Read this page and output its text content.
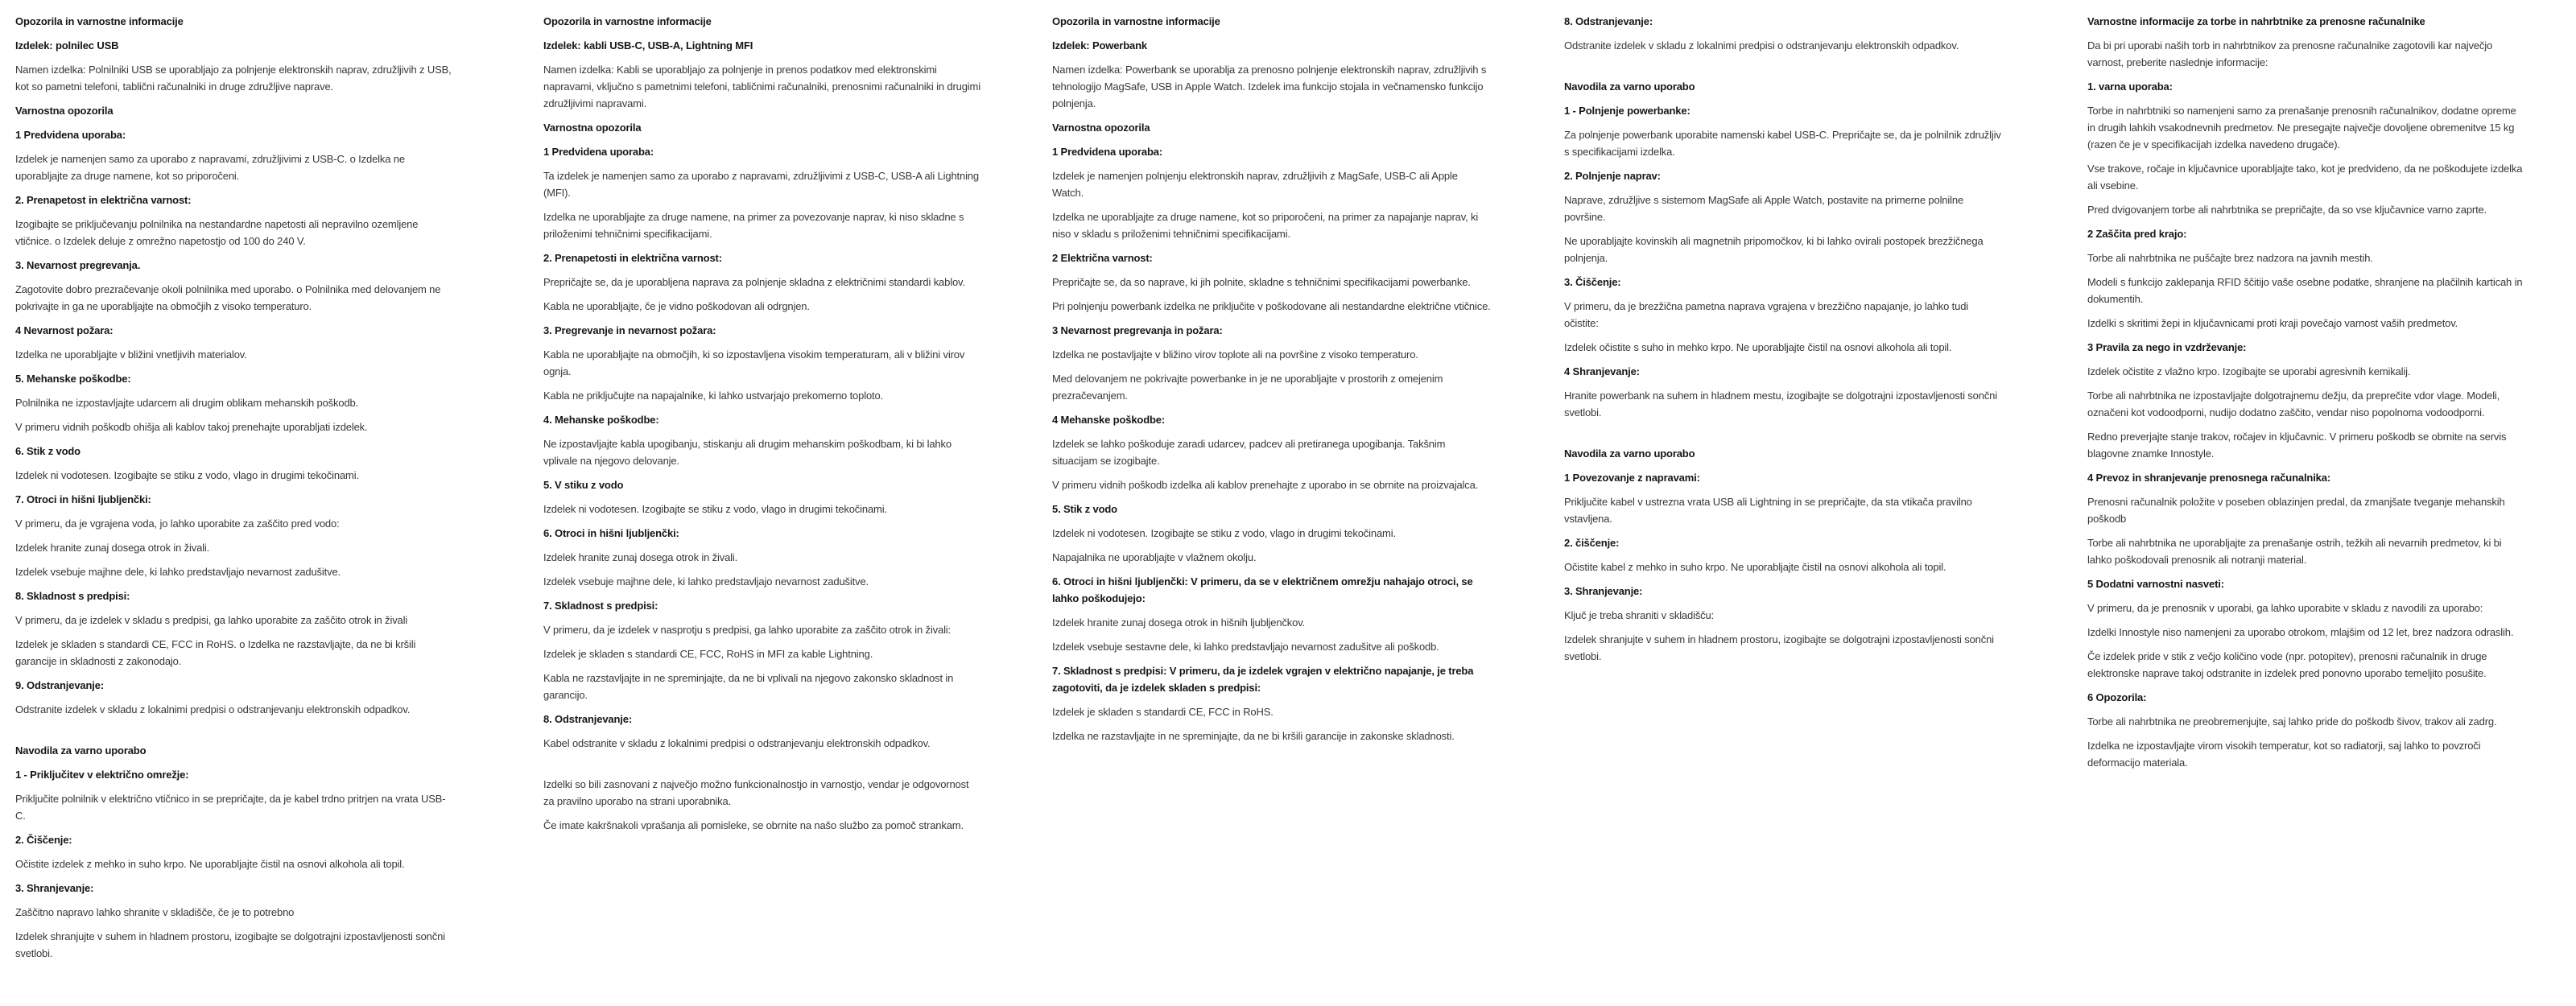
Opozorila in varnostne informacije

Izdelek: polnilec USB

Namen izdelka: Polnilniki USB se uporabljajo za polnjenje elektronskih naprav, združljivih z USB, kot so pametni telefoni, tablični računalniki in druge združljive naprave.

Varnostna opozorila

1 Predvidena uporaba:

Izdelek je namenjen samo za uporabo z napravami, združljivimi z USB-C. o Izdelka ne uporabljajte za druge namene, kot so priporočeni.

2. Prenapetost in električna varnost:

Izogibajte se priključevanju polnilnika na nestandardne napetosti ali nepravilno ozemljene vtičnice. o Izdelek deluje z omrežno napetostjo od 100 do 240 V.

3. Nevarnost pregrevanja.

Zagotovite dobro prezračevanje okoli polnilnika med uporabo. o Polnilnika med delovanjem ne pokrivajte in ga ne uporabljajte na območjih z visoko temperaturo.

4 Nevarnost požara:

Izdelka ne uporabljajte v bližini vnetljivih materialov.

5. Mehanske poškodbe:

Polnilnika ne izpostavljajte udarcem ali drugim oblikam mehanskih poškodb.

V primeru vidnih poškodb ohišja ali kablov takoj prenehajte uporabljati izdelek.

6. Stik z vodo

Izdelek ni vodotesen. Izogibajte se stiku z vodo, vlago in drugimi tekočinami.

7. Otroci in hišni ljubljenčki:

V primeru, da je vgrajena voda, jo lahko uporabite za zaščito pred vodo:

Izdelek hranite zunaj dosega otrok in živali.

Izdelek vsebuje majhne dele, ki lahko predstavljajo nevarnost zadušitve.

8. Skladnost s predpisi:

V primeru, da je izdelek v skladu s predpisi, ga lahko uporabite za zaščito otrok in živali

Izdelek je skladen s standardi CE, FCC in RoHS. o Izdelka ne razstavljajte, da ne bi kršili garancije in skladnosti z zakonodajo.

9. Odstranjevanje:

Odstranite izdelek v skladu z lokalnimi predpisi o odstranjevanju elektronskih odpadkov.

Navodila za varno uporabo

1 - Priključitev v električno omrežje:

Priključite polnilnik v električno vtičnico in se prepričajte, da je kabel trdno pritrjen na vrata USB-C.

2. Čiščenje:

Očistite izdelek z mehko in suho krpo. Ne uporabljajte čistil na osnovi alkohola ali topil.

3. Shranjevanje:

Zaščitno napravo lahko shranite v skladišče, če je to potrebno

Izdelek shranjujte v suhem in hladnem prostoru, izogibajte se dolgotrajni izpostavljenosti sončni svetlobi.

Opozorila in varnostne informacije

Izdelek: kabli USB-C, USB-A, Lightning MFI

Namen izdelka: Kabli se uporabljajo za polnjenje in prenos podatkov med elektronskimi napravami, vključno s pametnimi telefoni, tabličnimi računalniki, prenosnimi računalniki in drugimi združljivimi napravami.

Varnostna opozorila

1 Predvidena uporaba:

Ta izdelek je namenjen samo za uporabo z napravami, združljivimi z USB-C, USB-A ali Lightning (MFI).

Izdelka ne uporabljajte za druge namene, na primer za povezovanje naprav, ki niso skladne s priloženimi tehničnimi specifikacijami.

2. Prenapetosti in električna varnost:

Prepričajte se, da je uporabljena naprava za polnjenje skladna z električnimi standardi kablov.

Kabla ne uporabljajte, če je vidno poškodovan ali odrgnjen.

3. Pregrevanje in nevarnost požara:

Kabla ne uporabljajte na območjih, ki so izpostavljena visokim temperaturam, ali v bližini virov ognja.

Kabla ne priključujte na napajalnike, ki lahko ustvarjajo prekomerno toploto.

4. Mehanske poškodbe:

Ne izpostavljajte kabla upogibanju, stiskanju ali drugim mehanskim poškodbam, ki bi lahko vplivale na njegovo delovanje.

5. V stiku z vodo

Izdelek ni vodotesen. Izogibajte se stiku z vodo, vlago in drugimi tekočinami.

6. Otroci in hišni ljubljenčki:

Izdelek hranite zunaj dosega otrok in živali.

Izdelek vsebuje majhne dele, ki lahko predstavljajo nevarnost zadušitve.

7. Skladnost s predpisi:

V primeru, da je izdelek v nasprotju s predpisi, ga lahko uporabite za zaščito otrok in živali:

Izdelek je skladen s standardi CE, FCC, RoHS in MFI za kable Lightning.

Kabla ne razstavljajte in ne spreminjajte, da ne bi vplivali na njegovo zakonsko skladnost in garancijo.

8. Odstranjevanje:

Kabel odstranite v skladu z lokalnimi predpisi o odstranjevanju elektronskih odpadkov.

Izdelki so bili zasnovani z največjo možno funkcionalnostjo in varnostjo, vendar je odgovornost za pravilno uporabo na strani uporabnika.

Če imate kakršnakoli vprašanja ali pomisleke, se obrnite na našo službo za pomoč strankam.

Opozorila in varnostne informacije

Izdelek: Powerbank

Namen izdelka: Powerbank se uporablja za prenosno polnjenje elektronskih naprav, združljivih s tehnologijo MagSafe, USB in Apple Watch. Izdelek ima funkcijo stojala in večnamensko funkcijo polnjenja.

Varnostna opozorila

1 Predvidena uporaba:

Izdelek je namenjen polnjenju elektronskih naprav, združljivih z MagSafe, USB-C ali Apple Watch.

Izdelka ne uporabljajte za druge namene, kot so priporočeni, na primer za napajanje naprav, ki niso v skladu s priloženimi tehničnimi specifikacijami.

2 Električna varnost:

Prepričajte se, da so naprave, ki jih polnite, skladne s tehničnimi specifikacijami powerbanke.

Pri polnjenju powerbank izdelka ne priključite v poškodovane ali nestandardne električne vtičnice.

3 Nevarnost pregrevanja in požara:

Izdelka ne postavljajte v bližino virov toplote ali na površine z visoko temperaturo.

Med delovanjem ne pokrivajte powerbanke in je ne uporabljajte v prostorih z omejenim prezračevanjem.

4 Mehanske poškodbe:

Izdelek se lahko poškoduje zaradi udarcev, padcev ali pretiranega upogibanja. Takšnim situacijam se izogibajte.

V primeru vidnih poškodb izdelka ali kablov prenehajte z uporabo in se obrnite na proizvajalca.

5. Stik z vodo

Izdelek ni vodotesen. Izogibajte se stiku z vodo, vlago in drugimi tekočinami.

Napajalnika ne uporabljajte v vlažnem okolju.

6. Otroci in hišni ljubljenčki: V primeru, da se v električnem omrežju nahajajo otroci, se lahko poškodujejo:

Izdelek hranite zunaj dosega otrok in hišnih ljubljenčkov.

Izdelek vsebuje sestavne dele, ki lahko predstavljajo nevarnost zadušitve ali poškodb.

7. Skladnost s predpisi: V primeru, da je izdelek vgrajen v električno napajanje, je treba zagotoviti, da je izdelek skladen s predpisi:

Izdelek je skladen s standardi CE, FCC in RoHS.

Izdelka ne razstavljajte in ne spreminjajte, da ne bi kršili garancije in zakonske skladnosti.

8. Odstranjevanje:

Odstranite izdelek v skladu z lokalnimi predpisi o odstranjevanju elektronskih odpadkov.

Navodila za varno uporabo

1 - Polnjenje powerbanke:

Za polnjenje powerbank uporabite namenski kabel USB-C. Prepričajte se, da je polnilnik združljiv s specifikacijami izdelka.

2. Polnjenje naprav:

Naprave, združljive s sistemom MagSafe ali Apple Watch, postavite na primerne polnilne površine.

Ne uporabljajte kovinskih ali magnetnih pripomočkov, ki bi lahko ovirali postopek brezžičnega polnjenja.

3. Čiščenje:

V primeru, da je brezžična pametna naprava vgrajena v brezžično napajanje, jo lahko tudi očistite:

Izdelek očistite s suho in mehko krpo. Ne uporabljajte čistil na osnovi alkohola ali topil.

4 Shranjevanje:

Hranite powerbank na suhem in hladnem mestu, izogibajte se dolgotrajni izpostavljenosti sončni svetlobi.

Navodila za varno uporabo

1 Povezovanje z napravami:

Priključite kabel v ustrezna vrata USB ali Lightning in se prepričajte, da sta vtikača pravilno vstavljena.

2. čiščenje:

Očistite kabel z mehko in suho krpo. Ne uporabljajte čistil na osnovi alkohola ali topil.

3. Shranjevanje:

Ključ je treba shraniti v skladišču:

Izdelek shranjujte v suhem in hladnem prostoru, izogibajte se dolgotrajni izpostavljenosti sončni svetlobi.

Varnostne informacije za torbe in nahrbtnike za prenosne računalnike

Da bi pri uporabi naših torb in nahrbtnikov za prenosne računalnike zagotovili kar največjo varnost, preberite naslednje informacije:

1. varna uporaba:

Torbe in nahrbtniki so namenjeni samo za prenašanje prenosnih računalnikov, dodatne opreme in drugih lahkih vsakodnevnih predmetov. Ne presegajte največje dovoljene obremenitve 15 kg (razen če je v specifikacijah izdelka navedeno drugače).

Vse trakove, ročaje in ključavnice uporabljajte tako, kot je predvideno, da ne poškodujete izdelka ali vsebine.

Pred dvigovanjem torbe ali nahrbtnika se prepričajte, da so vse ključavnice varno zaprte.

2 Zaščita pred krajo:

Torbe ali nahrbtnika ne puščajte brez nadzora na javnih mestih.

Modeli s funkcijo zaklepanja RFID ščitijo vaše osebne podatke, shranjene na plačilnih karticah in dokumentih.

Izdelki s skritimi žepi in ključavnicami proti kraji povečajo varnost vaših predmetov.

3 Pravila za nego in vzdrževanje:

Izdelek očistite z vlažno krpo. Izogibajte se uporabi agresivnih kemikalij.

Torbe ali nahrbtnika ne izpostavljajte dolgotrajnemu dežju, da preprečite vdor vlage. Modeli, označeni kot vodoodporni, nudijo dodatno zaščito, vendar niso popolnoma vodoodporni.

Redno preverjajte stanje trakov, ročajev in ključavnic. V primeru poškodb se obrnite na servis blagovne znamke Innostyle.

4 Prevoz in shranjevanje prenosnega računalnika:

Prenosni računalnik položite v poseben oblazinjen predal, da zmanjšate tveganje mehanskih poškodb

Torbe ali nahrbtnika ne uporabljajte za prenašanje ostrih, težkih ali nevarnih predmetov, ki bi lahko poškodovali prenosnik ali notranji material.

5 Dodatni varnostni nasveti:

V primeru, da je prenosnik v uporabi, ga lahko uporabite v skladu z navodili za uporabo:

Izdelki Innostyle niso namenjeni za uporabo otrokom, mlajšim od 12 let, brez nadzora odraslih.

Če izdelek pride v stik z večjo količino vode (npr. potopitev), prenosni računalnik in druge elektronske naprave takoj odstranite in izdelek pred ponovno uporabo temeljito posušite.

6 Opozorila:

Torbe ali nahrbtnika ne preobremenjujte, saj lahko pride do poškodb šivov, trakov ali zadrg.

Izdelka ne izpostavljajte virom visokih temperatur, kot so radiatorji, saj lahko to povzroči deformacijo materiala.
